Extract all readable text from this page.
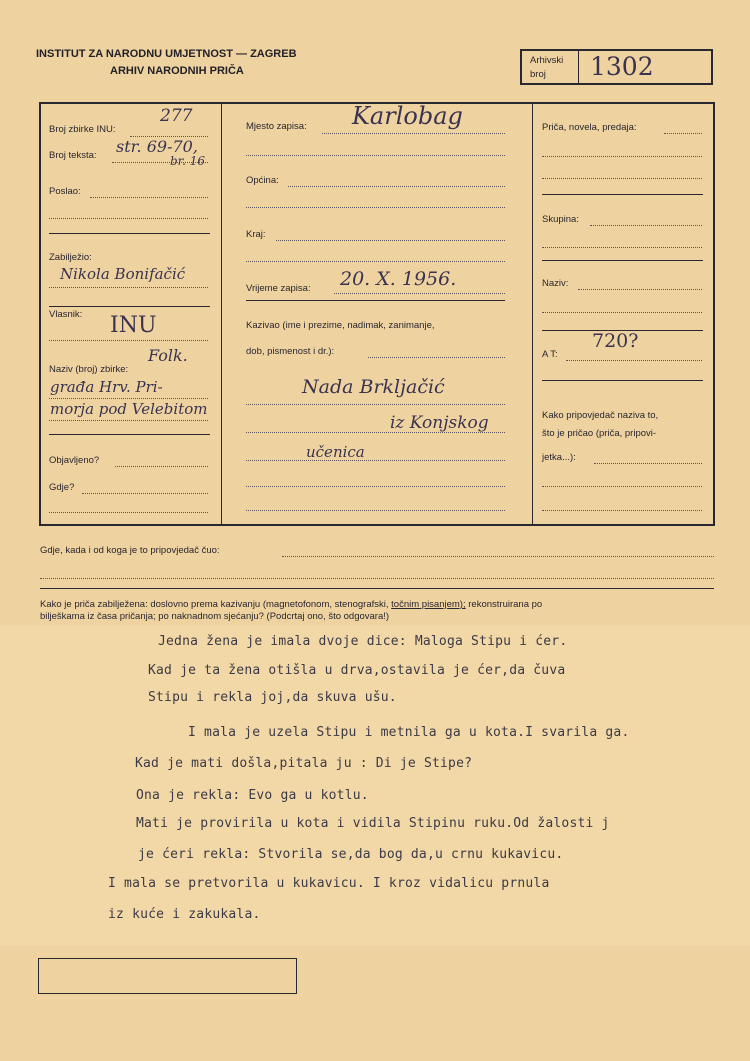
INSTITUT ZA NARODNU UMJETNOST — ZAGREB
ARHIV NARODNIH PRIČA
Arhivski
broj 1302
Broj zbirke INU:
277
Broj teksta: str. 69-70,
br. 16
Poslao:
Zabilježio:
Nikola Bonifačić
Vlasnik: INU
Naziv (broj) zbirke:
Folk.
građa Hrv. Pri-
morja pod Velebitom
Objavljeno?
Gdje?
Mjesto zapisa: Karlobag
Općina:
Kraj:
Vrijeme zapisa: 20. X. 1956.
Kazivao (ime i prezime, nadimak, zanimanje,
dob, pismenost i dr.):
Nada Brkljačić
iz Konjskog
učenica
Priča, novela, predaja:
Skupina:
Naziv:
A T:
720?
Kako pripovjedač naziva to,
što je pričao (priča, pripovi-
jetka...):
Gdje, kada i od koga je to pripovjedač čuo:
Kako je priča zabilježena: doslovno prema kazivanju (magnetofonom, stenografski, točnim pisanjem); rekonstruirana po
bilješkama iz časa pričanja; po naknadnom sjećanju? (Podcrtaj ono, što odgovara!)
Jedna žena je imala dvoje dice: Maloga Stipu i ćer.
Kad je ta žena otišla u drva,ostavila je ćer,da čuva
Stipu i rekla joj,da skuva ušu.
I mala je uzela Stipu i metnila ga u kota.I svarila ga.
Kad je mati došla,pitala ju : Di je Stipe?
Ona je rekla: Evo ga u kotlu.
Mati je provirila u kota i vidila Stipinu ruku.Od žalosti j
je ćeri rekla: Stvorila se,da bog da,u crnu kukavicu.
I mala se pretvorila u kukavicu. I kroz vidalicu prnula
iz kuće i zakukala.
